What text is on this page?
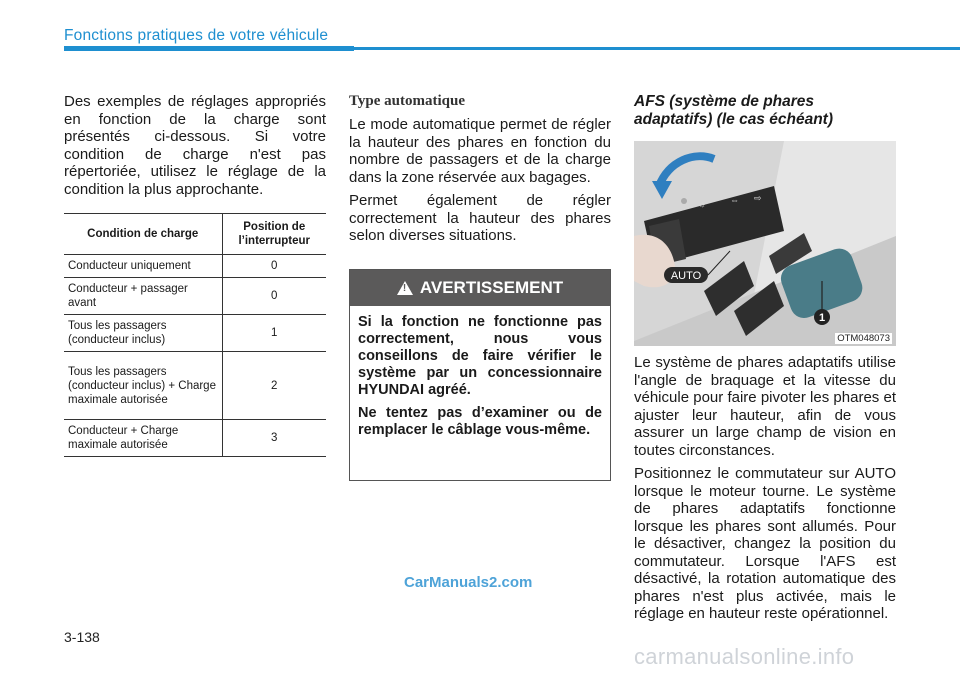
Fonctions pratiques de votre véhicule

Des exemples de réglages appropriés en fonction de la charge sont présentés ci-dessous. Si votre condition de charge n'est pas répertoriée, utilisez le réglage de la condition la plus approchante.

Condition de charge	Position de l’interrupteur
Conducteur uniquement	0
Conducteur + passager avant	0
Tous les passagers (conducteur inclus)	1
Tous les passagers (conducteur inclus) + Charge maximale autorisée	2
Conducteur + Charge maximale autorisée	3
Type automatique

Le mode automatique permet de régler la hauteur des phares en fonction du nombre de passagers et de la charge dans la zone réservée aux bagages.

Permet également de régler correctement la hauteur des phares selon diverses situations.

! AVERTISSEMENT

Si la fonction ne fonctionne pas correctement, nous vous conseillons de faire vérifier le système par un concessionnaire HYUNDAI agréé.

Ne tentez pas d’examiner ou de remplacer le câblage vous-même.

AFS (système de phares adaptatifs) (le cas échéant)
1
☼	⇔ ⇨
AUTO
OTM048073

Le système de phares adaptatifs utilise l'angle de braquage et la vitesse du véhicule pour faire pivoter les phares et ajuster leur hauteur, afin de vous assurer un large champ de vision en toutes circonstances.

Positionnez le commutateur sur AUTO lorsque le moteur tourne. Le système de phares adaptatifs fonctionne lorsque les phares sont allumés. Pour le désactiver, changez la position du commutateur. Lorsque l'AFS est désactivé, la rotation automatique des phares n'est plus activée, mais le réglage en hauteur reste opérationnel.

CarManuals2.com
3-138
carmanualsonline.info
